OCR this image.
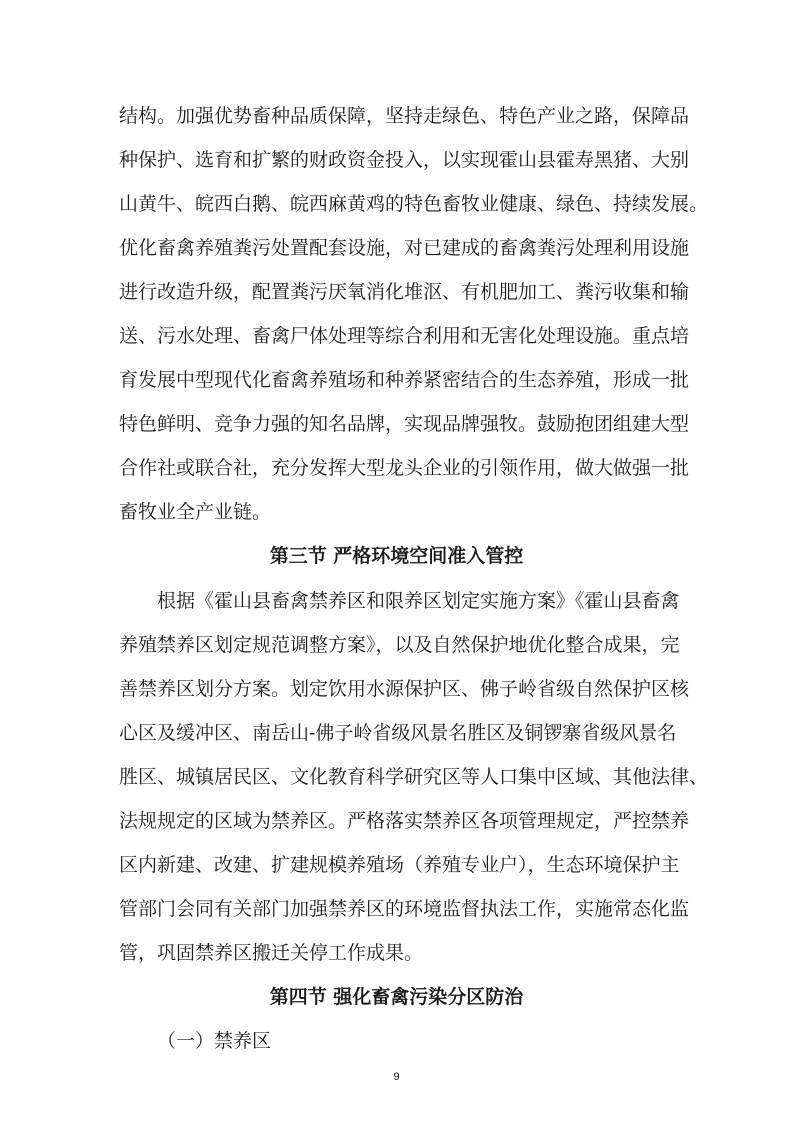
结构。加强优势畜种品质保障，坚持走绿色、特色产业之路，保障品
种保护、选育和扩繁的财政资金投入，以实现霍山县霍寿黑猪、大别
山黄牛、皖西白鹅、皖西麻黄鸡的特色畜牧业健康、绿色、持续发展。
优化畜禽养殖粪污处置配套设施，对已建成的畜禽粪污处理利用设施
进行改造升级，配置粪污厌氧消化堆沤、有机肥加工、粪污收集和输
送、污水处理、畜禽尸体处理等综合利用和无害化处理设施。重点培
育发展中型现代化畜禽养殖场和种养紧密结合的生态养殖，形成一批
特色鲜明、竞争力强的知名品牌，实现品牌强牧。鼓励抱团组建大型
合作社或联合社，充分发挥大型龙头企业的引领作用，做大做强一批
畜牧业全产业链。
第三节 严格环境空间准入管控
根据《霍山县畜禽禁养区和限养区划定实施方案》《霍山县畜禽
养殖禁养区划定规范调整方案》，以及自然保护地优化整合成果，完
善禁养区划分方案。划定饮用水源保护区、佛子岭省级自然保护区核
心区及缓冲区、南岳山-佛子岭省级风景名胜区及铜锣寨省级风景名
胜区、城镇居民区、文化教育科学研究区等人口集中区域、其他法律、
法规规定的区域为禁养区。严格落实禁养区各项管理规定，严控禁养
区内新建、改建、扩建规模养殖场（养殖专业户），生态环境保护主
管部门会同有关部门加强禁养区的环境监督执法工作，实施常态化监
管，巩固禁养区搬迁关停工作成果。
第四节 强化畜禽污染分区防治
（一）禁养区
9
